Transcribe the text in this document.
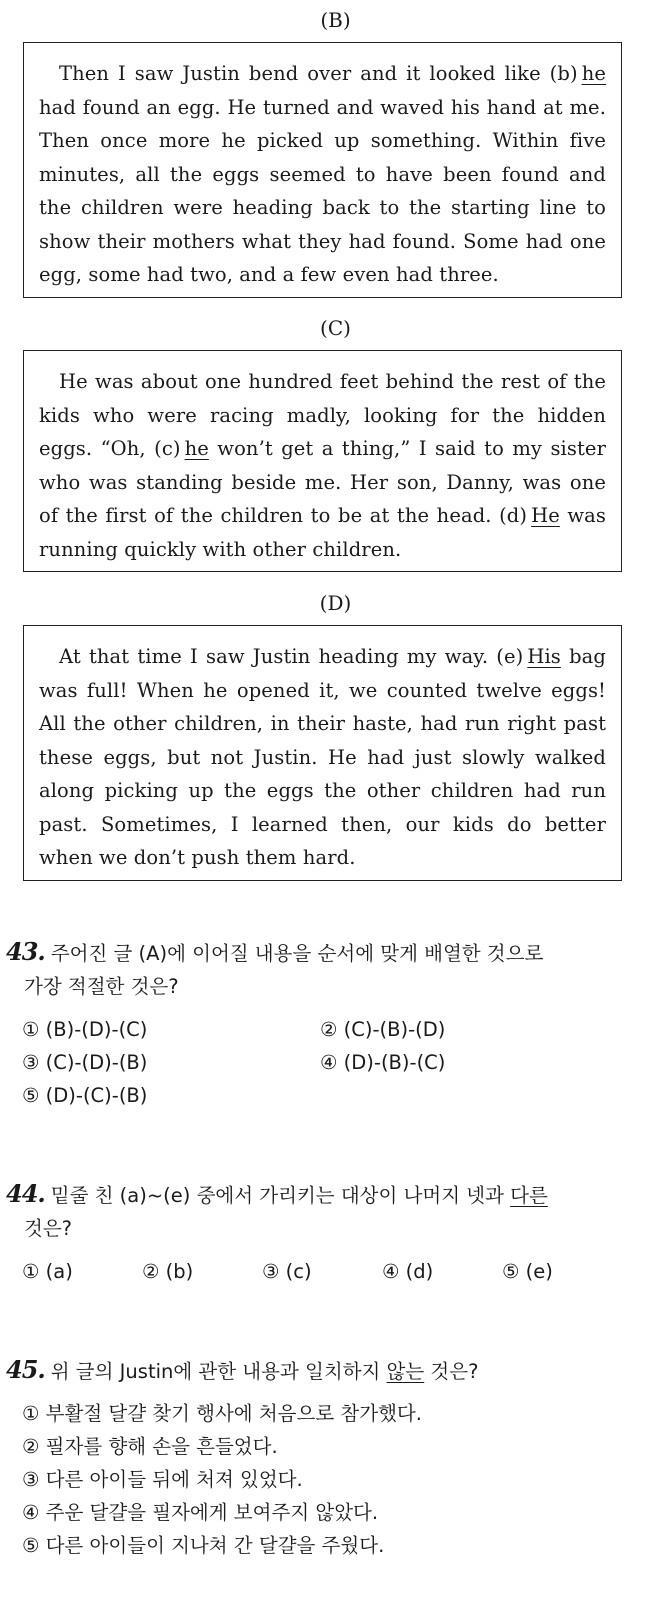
(B)

Then I saw Justin bend over and it looked like (b) he had found an egg. He turned and waved his hand at me. Then once more he picked up something. Within five minutes, all the eggs seemed to have been found and the children were heading back to the starting line to show their mothers what they had found. Some had one egg, some had two, and a few even had three.

(C)

He was about one hundred feet behind the rest of the kids who were racing madly, looking for the hidden eggs. “Oh, (c) he won’t get a thing,” I said to my sister who was standing beside me. Her son, Danny, was one of the first of the children to be at the head. (d) He was running quickly with other children.

(D)

At that time I saw Justin heading my way. (e) His bag was full! When he opened it, we counted twelve eggs! All the other children, in their haste, had run right past these eggs, but not Justin. He had just slowly walked along picking up the eggs the other children had run past. Sometimes, I learned then, our kids do better when we don’t push them hard.

43. 주어진 글 (A)에 이어질 내용을 순서에 맞게 배열한 것으로
가장 적절한 것은?
① (B)-(D)-(C)	② (C)-(B)-(D)
③ (C)-(D)-(B)	④ (D)-(B)-(C)
⑤ (D)-(C)-(B)
44. 밑줄 친 (a)~(e) 중에서 가리키는 대상이 나머지 넷과 다른
것은?
① (a)	② (b)	③ (c)	④ (d)	⑤ (e)
45. 위 글의 Justin에 관한 내용과 일치하지 않는 것은?
① 부활절 달걀 찾기 행사에 처음으로 참가했다.
② 필자를 향해 손을 흔들었다.
③ 다른 아이들 뒤에 처져 있었다.
④ 주운 달걀을 필자에게 보여주지 않았다.
⑤ 다른 아이들이 지나쳐 간 달걀을 주웠다.
